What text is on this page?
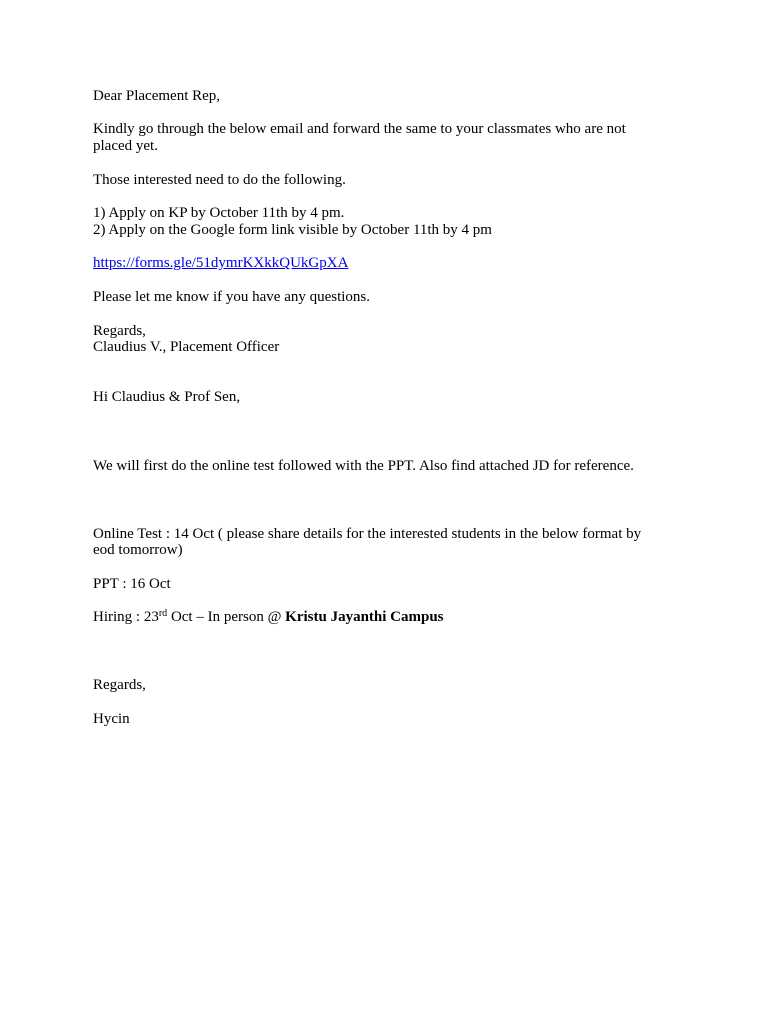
Dear Placement Rep,

Kindly go through the below email and forward the same to your classmates who are not

placed yet.

Those interested need to do the following.

1) Apply on KP by October 11th by 4 pm.

2) Apply on the Google form link visible by October 11th by 4 pm

https://forms.gle/51dymrKXkkQUkGpXA

Please let me know if you have any questions.

Regards,

Claudius V., Placement Officer

Hi Claudius & Prof Sen,

We will first do the online test followed with the PPT. Also find attached JD for reference.

Online Test : 14 Oct ( please share details for the interested students in the below format by

eod tomorrow)

PPT : 16 Oct

Hiring : 23rd Oct – In person @ Kristu Jayanthi Campus

Regards,

Hycin
